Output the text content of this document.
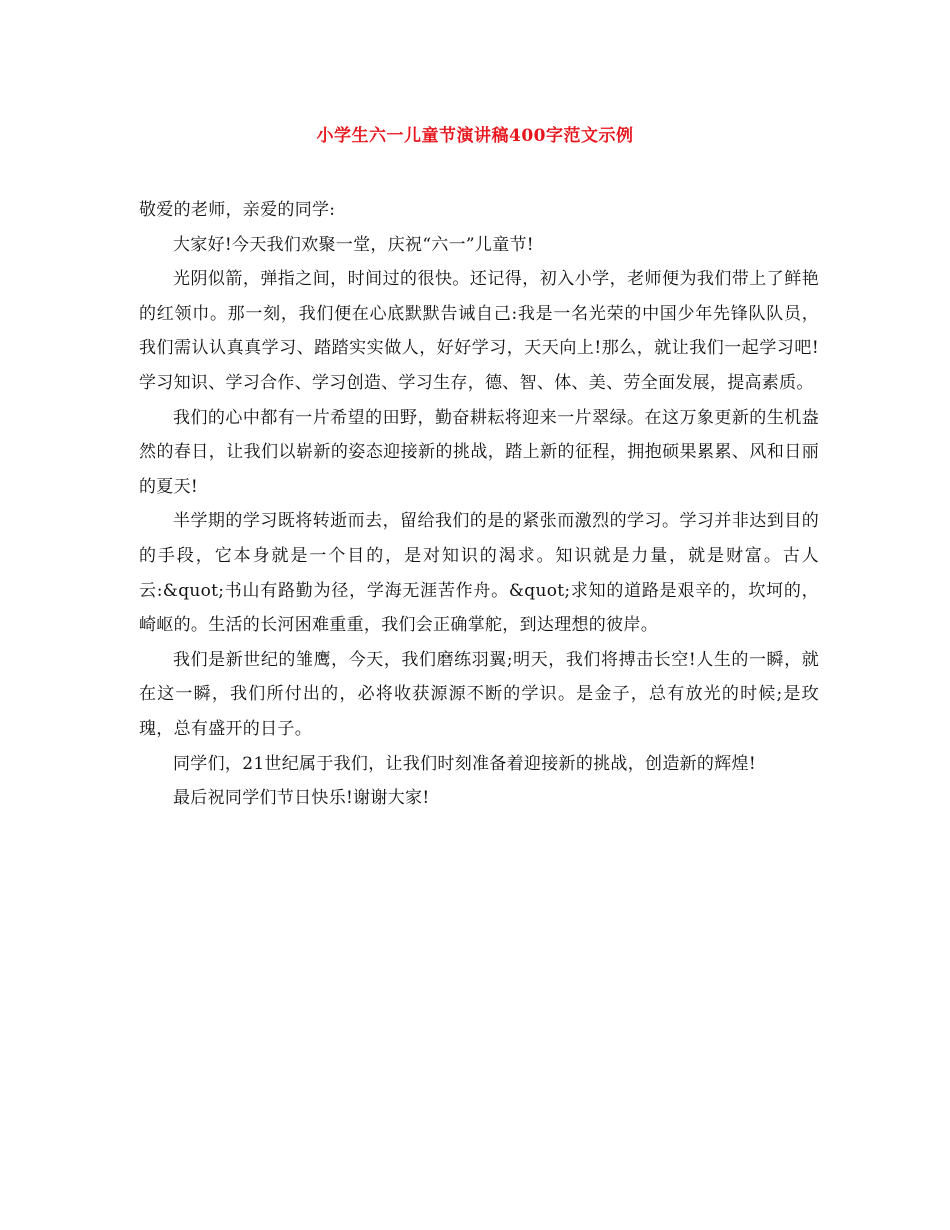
小学生六一儿童节演讲稿400字范文示例

敬爱的老师，亲爱的同学:

大家好!今天我们欢聚一堂，庆祝“六一”儿童节!

光阴似箭，弹指之间，时间过的很快。还记得，初入小学，老师便为我们带上了鲜艳的红领巾。那一刻，我们便在心底默默告诫自己:我是一名光荣的中国少年先锋队队员，我们需认认真真学习、踏踏实实做人，好好学习，天天向上!那么，就让我们一起学习吧!学习知识、学习合作、学习创造、学习生存，德、智、体、美、劳全面发展，提高素质。

我们的心中都有一片希望的田野，勤奋耕耘将迎来一片翠绿。在这万象更新的生机盎然的春日，让我们以崭新的姿态迎接新的挑战，踏上新的征程，拥抱硕果累累、风和日丽的夏天!

半学期的学习既将转逝而去，留给我们的是的紧张而激烈的学习。学习并非达到目的的手段，它本身就是一个目的，是对知识的渴求。知识就是力量，就是财富。古人云:&quot;书山有路勤为径，学海无涯苦作舟。&quot;求知的道路是艰辛的，坎坷的，崎岖的。生活的长河困难重重，我们会正确掌舵，到达理想的彼岸。

我们是新世纪的雏鹰，今天，我们磨练羽翼;明天，我们将搏击长空!人生的一瞬，就在这一瞬，我们所付出的，必将收获源源不断的学识。是金子，总有放光的时候;是玫瑰，总有盛开的日子。

同学们，21世纪属于我们，让我们时刻准备着迎接新的挑战，创造新的辉煌!

最后祝同学们节日快乐!谢谢大家!
